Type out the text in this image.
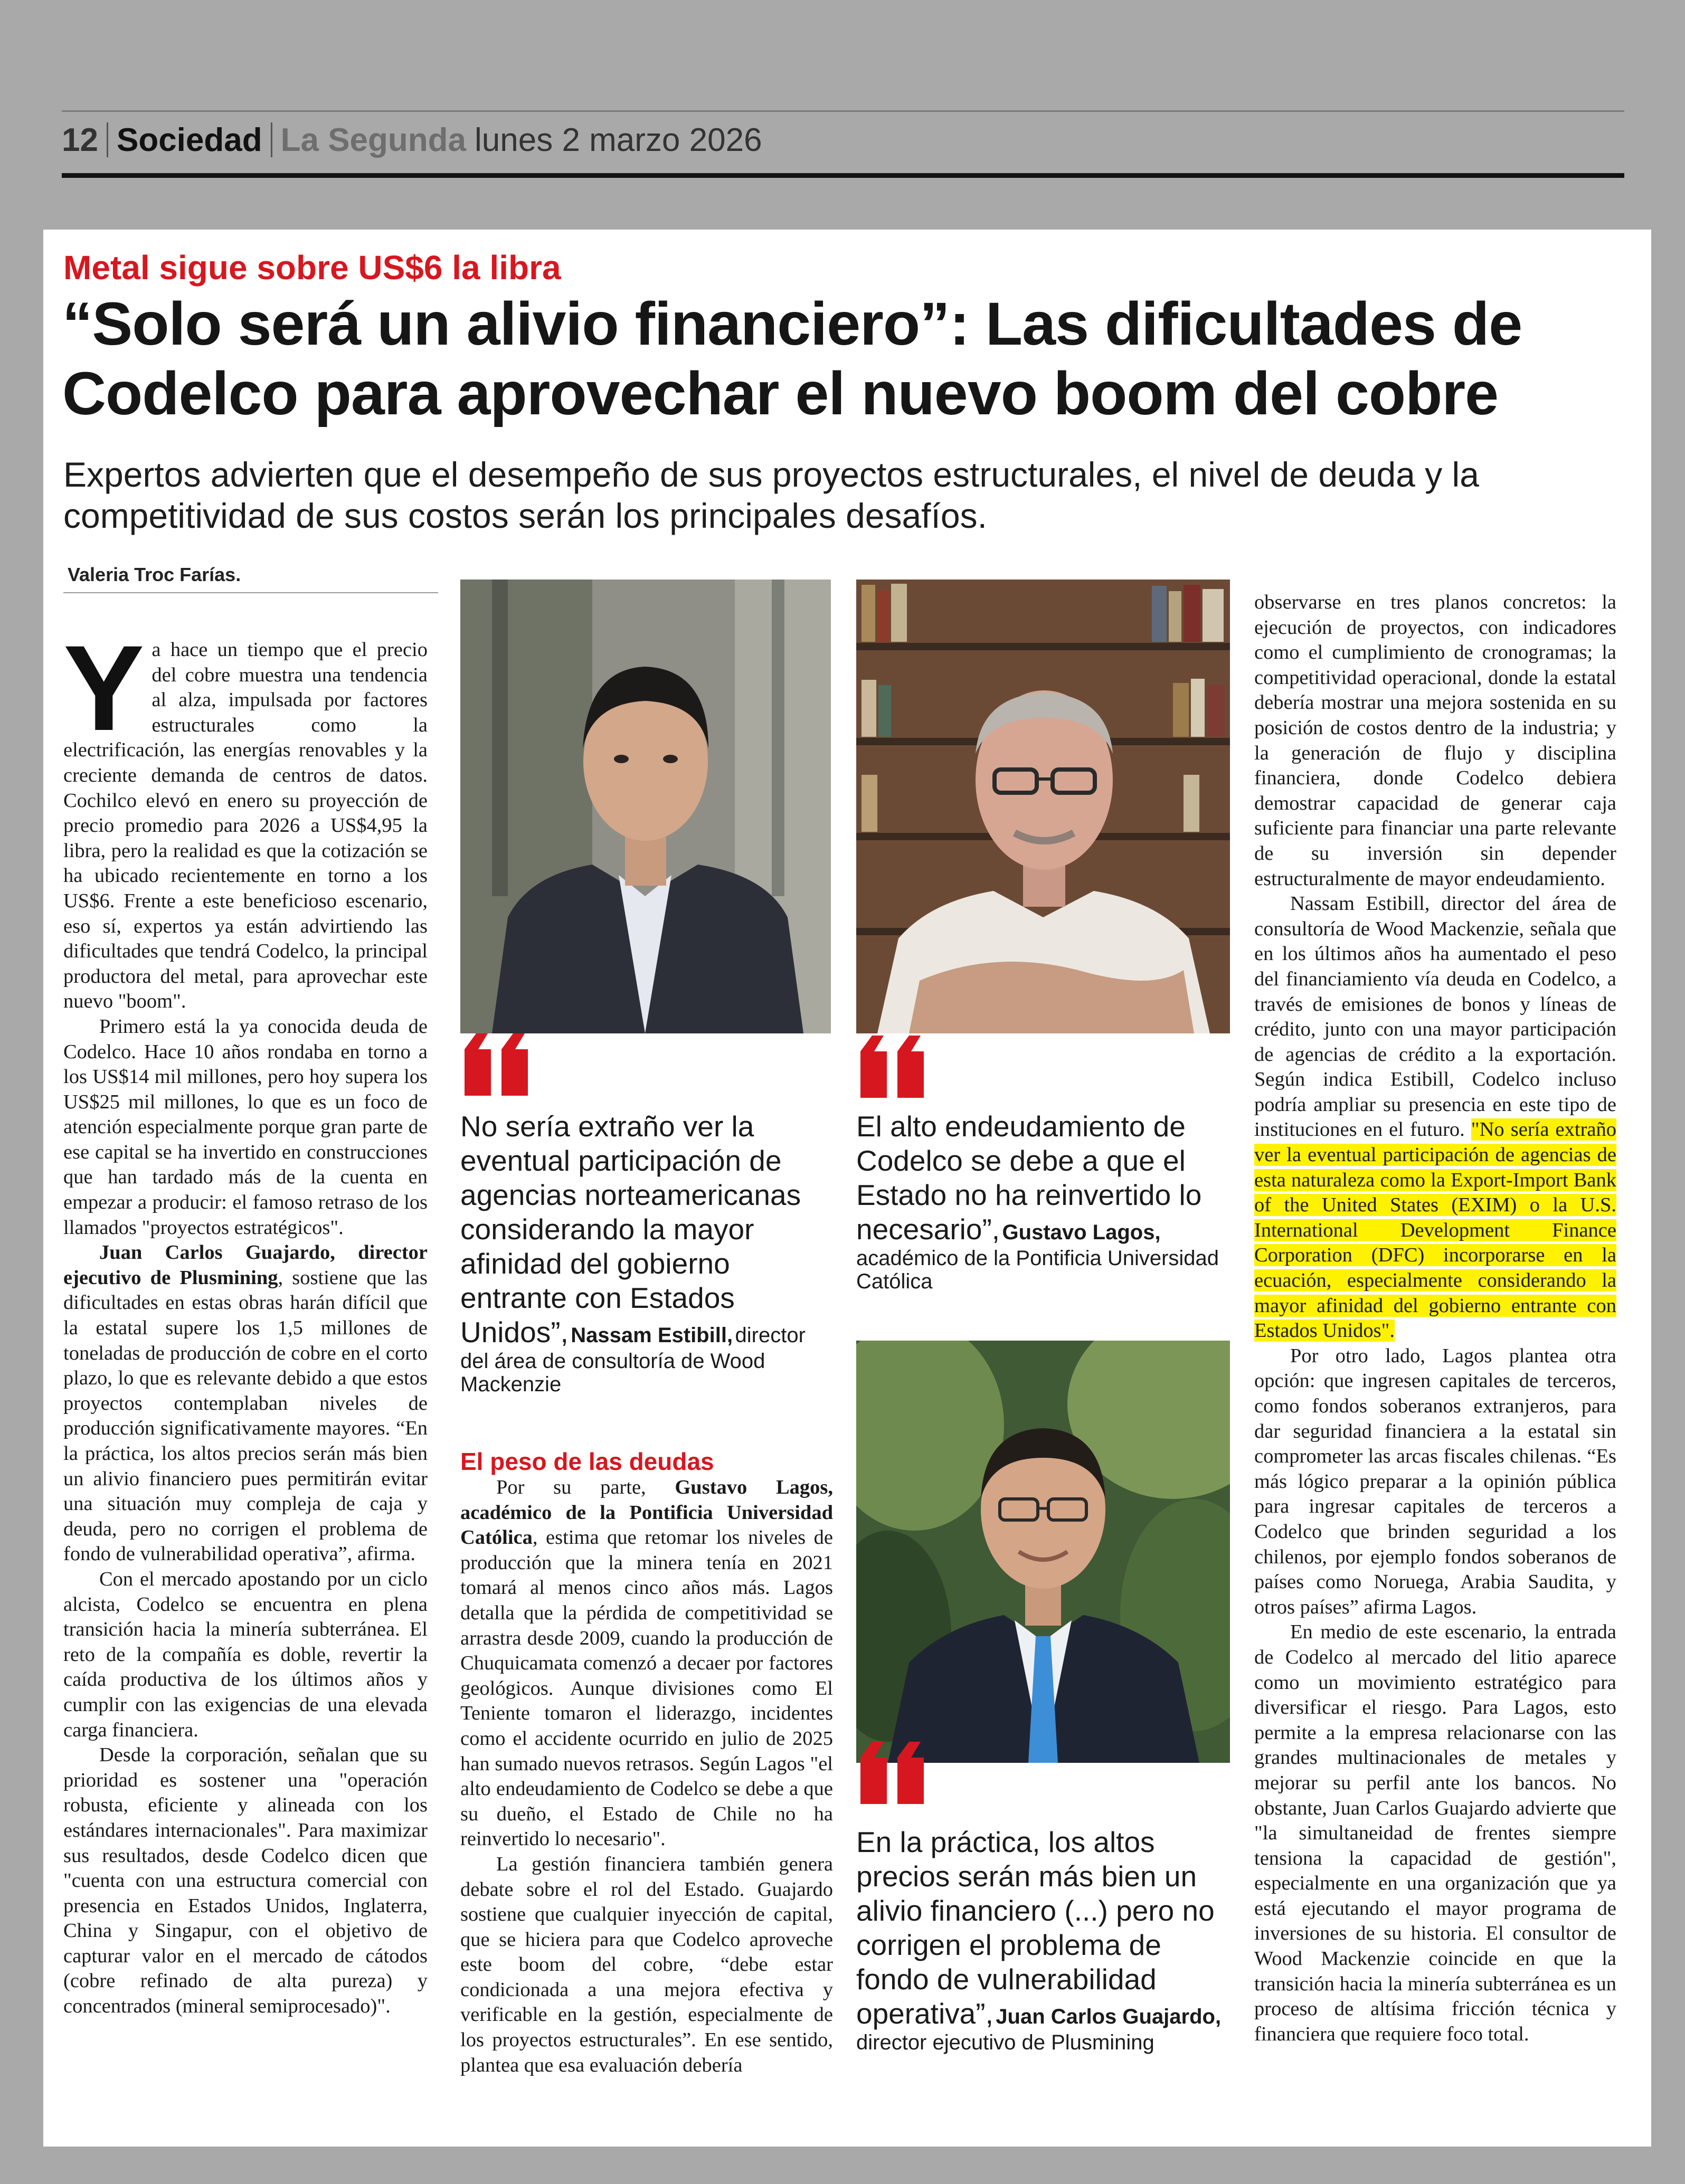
12 Sociedad La Segunda lunes 2 marzo 2026
Metal sigue sobre US$6 la libra
“Solo será un alivio financiero”: Las dificultades de Codelco para aprovechar el nuevo boom del cobre
Expertos advierten que el desempeño de sus proyectos estructurales, el nivel de deuda y la competitividad de sus costos serán los principales desafíos.
Valeria Troc Farías.

Ya hace un tiempo que el precio del cobre muestra una tendencia al alza, impulsada por factores estructurales como la electrificación, las energías renovables y la creciente demanda de centros de datos. Cochilco elevó en enero su proyección de precio promedio para 2026 a US$4,95 la libra, pero la realidad es que la cotización se ha ubicado recientemente en torno a los US$6. Frente a este beneficioso escenario, eso sí, expertos ya están advirtiendo las dificultades que tendrá Codelco, la principal productora del metal, para aprovechar este nuevo "boom".

Primero está la ya conocida deuda de Codelco. Hace 10 años rondaba en torno a los US$14 mil millones, pero hoy supera los US$25 mil millones, lo que es un foco de atención especialmente porque gran parte de ese capital se ha invertido en construcciones que han tardado más de la cuenta en empezar a producir: el famoso retraso de los llamados "proyectos estratégicos".

Juan Carlos Guajardo, director ejecutivo de Plusmining, sostiene que las dificultades en estas obras harán difícil que la estatal supere los 1,5 millones de toneladas de producción de cobre en el corto plazo, lo que es relevante debido a que estos proyectos contemplaban niveles de producción significativamente mayores. “En la práctica, los altos precios serán más bien un alivio financiero pues permitirán evitar una situación muy compleja de caja y deuda, pero no corrigen el problema de fondo de vulnerabilidad operativa”, afirma.

Con el mercado apostando por un ciclo alcista, Codelco se encuentra en plena transición hacia la minería subterránea. El reto de la compañía es doble, revertir la caída productiva de los últimos años y cumplir con las exigencias de una elevada carga financiera.

Desde la corporación, señalan que su prioridad es sostener una "operación robusta, eficiente y alineada con los estándares internacionales". Para maximizar sus resultados, desde Codelco dicen que "cuenta con una estructura comercial con presencia en Estados Unidos, Inglaterra, China y Singapur, con el objetivo de capturar valor en el mercado de cátodos (cobre refinado de alta pureza) y concentrados (mineral semiprocesado)".

No sería extraño ver la eventual participación de agencias norteamericanas considerando la mayor afinidad del gobierno entrante con Estados Unidos”, Nassam Estibill, director del área de consultoría de Wood Mackenzie
El alto endeudamiento de Codelco se debe a que el Estado no ha reinvertido lo necesario”, Gustavo Lagos,
académico de la Pontificia Universidad Católica
En la práctica, los altos precios serán más bien un alivio financiero (...) pero no corrigen el problema de fondo de vulnerabilidad operativa”, Juan Carlos Guajardo, director ejecutivo de Plusmining
El peso de las deudas

Por su parte, Gustavo Lagos, académico de la Pontificia Universidad Católica, estima que retomar los niveles de producción que la minera tenía en 2021 tomará al menos cinco años más. Lagos detalla que la pérdida de competitividad se arrastra desde 2009, cuando la producción de Chuquicamata comenzó a decaer por factores geológicos. Aunque divisiones como El Teniente tomaron el liderazgo, incidentes como el accidente ocurrido en julio de 2025 han sumado nuevos retrasos. Según Lagos "el alto endeudamiento de Codelco se debe a que su dueño, el Estado de Chile no ha reinvertido lo necesario".

La gestión financiera también genera debate sobre el rol del Estado. Guajardo sostiene que cualquier inyección de capital, que se hiciera para que Codelco aproveche este boom del cobre, “debe estar condicionada a una mejora efectiva y verificable en la gestión, especialmente de los proyectos estructurales”. En ese sentido, plantea que esa evaluación debería

observarse en tres planos concretos: la ejecución de proyectos, con indicadores como el cumplimiento de cronogramas; la competitividad operacional, donde la estatal debería mostrar una mejora sostenida en su posición de costos dentro de la industria; y la generación de flujo y disciplina financiera, donde Codelco debiera demostrar capacidad de generar caja suficiente para financiar una parte relevante de su inversión sin depender estructuralmente de mayor endeudamiento.

Nassam Estibill, director del área de consultoría de Wood Mackenzie, señala que en los últimos años ha aumentado el peso del financiamiento vía deuda en Codelco, a través de emisiones de bonos y líneas de crédito, junto con una mayor participación de agencias de crédito a la exportación. Según indica Estibill, Codelco incluso podría ampliar su presencia en este tipo de instituciones en el futuro. "No sería extraño ver la eventual participación de agencias de esta naturaleza como la Export-Import Bank of the United States (EXIM) o la U.S. International Development Finance Corporation (DFC) incorporarse en la ecuación, especialmente considerando la mayor afinidad del gobierno entrante con Estados Unidos".

Por otro lado, Lagos plantea otra opción: que ingresen capitales de terceros, como fondos soberanos extranjeros, para dar seguridad financiera a la estatal sin comprometer las arcas fiscales chilenas. “Es más lógico preparar a la opinión pública para ingresar capitales de terceros a Codelco que brinden seguridad a los chilenos, por ejemplo fondos soberanos de países como Noruega, Arabia Saudita, y otros países” afirma Lagos.

En medio de este escenario, la entrada de Codelco al mercado del litio aparece como un movimiento estratégico para diversificar el riesgo. Para Lagos, esto permite a la empresa relacionarse con las grandes multinacionales de metales y mejorar su perfil ante los bancos. No obstante, Juan Carlos Guajardo advierte que "la simultaneidad de frentes siempre tensiona la capacidad de gestión", especialmente en una organización que ya está ejecutando el mayor programa de inversiones de su historia. El consultor de Wood Mackenzie coincide en que la transición hacia la minería subterránea es un proceso de altísima fricción técnica y financiera que requiere foco total.
